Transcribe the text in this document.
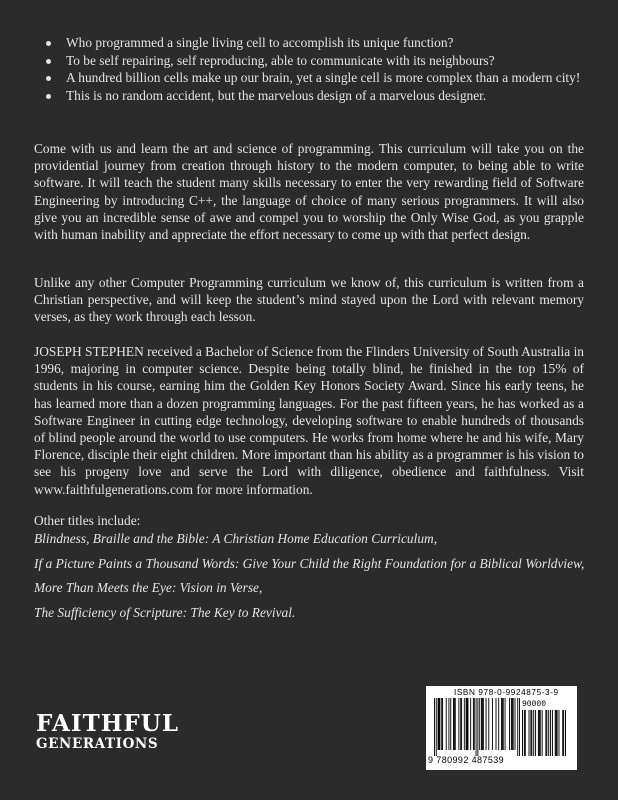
Who programmed a single living cell to accomplish its unique function?
To be self repairing, self reproducing, able to communicate with its neighbours?
A hundred billion cells make up our brain, yet a single cell is more complex than a modern city!
This is no random accident, but the marvelous design of a marvelous designer.

Come with us and learn the art and science of programming. This curriculum will take you on the providential journey from creation through history to the modern computer, to being able to write software. It will teach the student many skills necessary to enter the very rewarding field of Software Engineering by introducing C++, the language of choice of many serious programmers. It will also give you an incredible sense of awe and compel you to worship the Only Wise God, as you grapple with human inability and appreciate the effort necessary to come up with that perfect design.

Unlike any other Computer Programming curriculum we know of, this curriculum is written from a Christian perspective, and will keep the student’s mind stayed upon the Lord with relevant memory verses, as they work through each lesson.

JOSEPH STEPHEN received a Bachelor of Science from the Flinders University of South Australia in 1996, majoring in computer science. Despite being totally blind, he finished in the top 15% of students in his course, earning him the Golden Key Honors Society Award. Since his early teens, he has learned more than a dozen programming languages. For the past fifteen years, he has worked as a Software Engineer in cutting edge technology, developing software to enable hundreds of thousands of blind people around the world to use computers. He works from home where he and his wife, Mary Florence, disciple their eight children. More important than his ability as a programmer is his vision to see his progeny love and serve the Lord with diligence, obedience and faithfulness. Visit www.faithfulgenerations.com for more information.

Other titles include:
Blindness, Braille and the Bible: A Christian Home Education Curriculum,
If a Picture Paints a Thousand Words: Give Your Child the Right Foundation for a Biblical Worldview,
More Than Meets the Eye: Vision in Verse,
The Sufficiency of Scripture: The Key to Revival.
FAITHFUL
GENERATIONS
ISBN 978-0-9924875-3-9
90000
9 780992 487539
